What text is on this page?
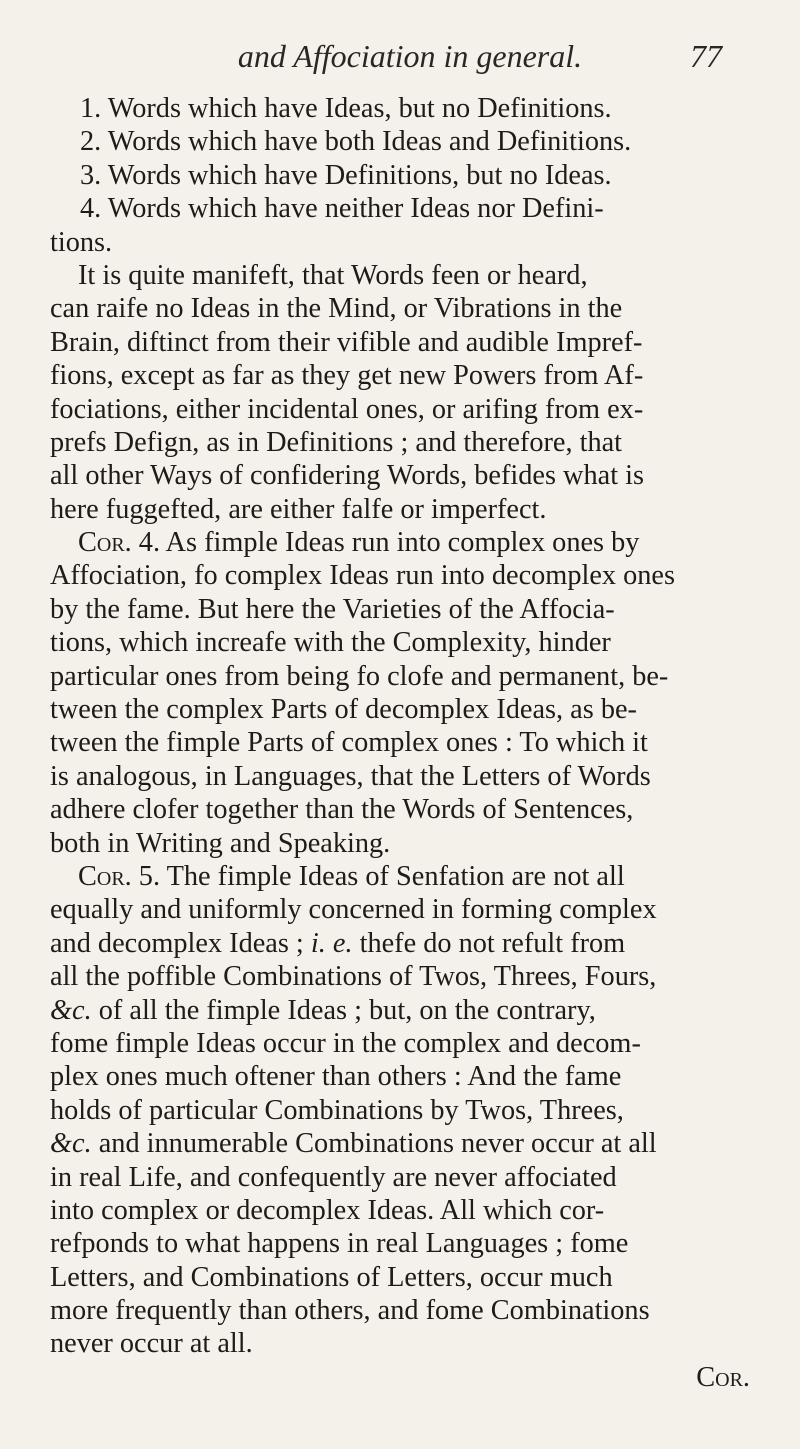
and Affociation in general.	77
1. Words which have Ideas, but no Definitions.
2. Words which have both Ideas and Definitions.
3. Words which have Definitions, but no Ideas.
4. Words which have neither Ideas nor Defini-
tions.
It is quite manifeft, that Words feen or heard,
can raife no Ideas in the Mind, or Vibrations in the
Brain, diftinct from their vifible and audible Impref-
fions, except as far as they get new Powers from Af-
fociations, either incidental ones, or arifing from ex-
prefs Defign, as in Definitions ; and therefore, that
all other Ways of confidering Words, befides what is
here fuggefted, are either falfe or imperfect.
Cor. 4. As fimple Ideas run into complex ones by
Affociation, fo complex Ideas run into decomplex ones
by the fame. But here the Varieties of the Affocia-
tions, which increafe with the Complexity, hinder
particular ones from being fo clofe and permanent, be-
tween the complex Parts of decomplex Ideas, as be-
tween the fimple Parts of complex ones : To which it
is analogous, in Languages, that the Letters of Words
adhere clofer together than the Words of Sentences,
both in Writing and Speaking.
Cor. 5. The fimple Ideas of Senfation are not all
equally and uniformly concerned in forming complex
and decomplex Ideas ; i. e. thefe do not refult from
all the poffible Combinations of Twos, Threes, Fours,
&c. of all the fimple Ideas ; but, on the contrary,
fome fimple Ideas occur in the complex and decom-
plex ones much oftener than others : And the fame
holds of particular Combinations by Twos, Threes,
&c. and innumerable Combinations never occur at all
in real Life, and confequently are never affociated
into complex or decomplex Ideas. All which cor-
refponds to what happens in real Languages ; fome
Letters, and Combinations of Letters, occur much
more frequently than others, and fome Combinations
never occur at all.
Cor.
